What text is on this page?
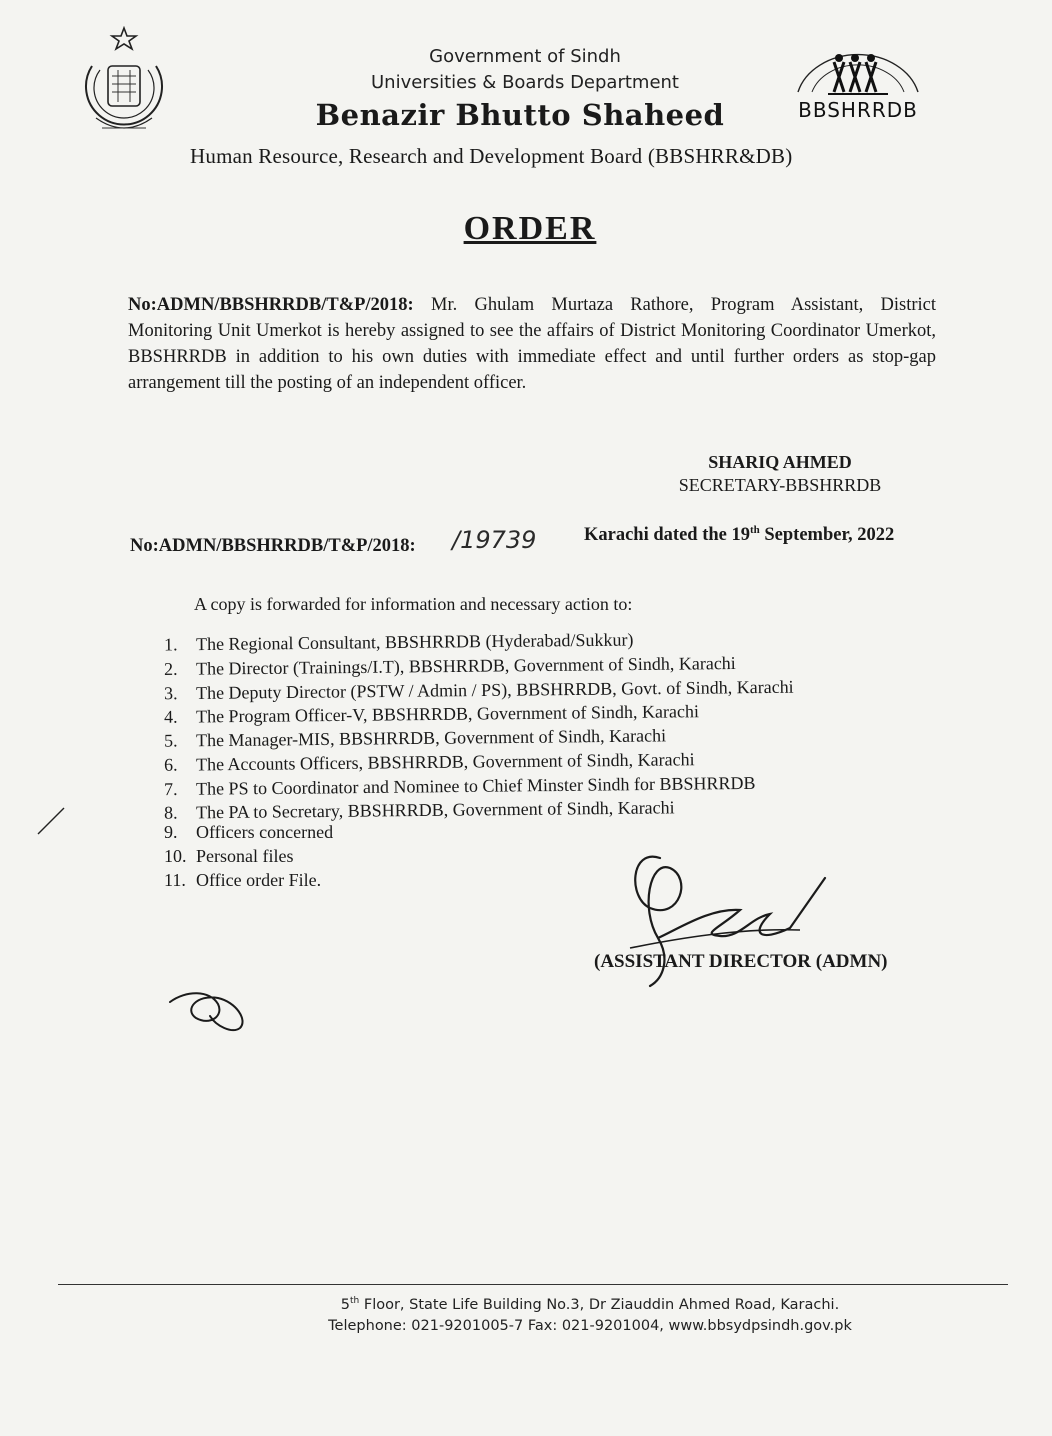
BBSHRRDB
Government of Sindh
Universities & Boards Department
Benazir Bhutto Shaheed
Human Resource, Research and Development Board (BBSHRR&DB)
ORDER
No:ADMN/BBSHRRDB/T&P/2018: Mr. Ghulam Murtaza Rathore, Program Assistant, District Monitoring Unit Umerkot is hereby assigned to see the affairs of District Monitoring Coordinator Umerkot, BBSHRRDB in addition to his own duties with immediate effect and until further orders as stop-gap arrangement till the posting of an independent officer.
SHARIQ AHMED
SECRETARY-BBSHRRDB
No:ADMN/BBSHRRDB/T&P/2018: /19739	Karachi dated the 19th September, 2022
A copy is forwarded for information and necessary action to:
1. The Regional Consultant, BBSHRRDB (Hyderabad/Sukkur)
2. The Director (Trainings/I.T), BBSHRRDB, Government of Sindh, Karachi
3. The Deputy Director (PSTW / Admin / PS), BBSHRRDB, Govt. of Sindh, Karachi
4. The Program Officer-V, BBSHRRDB, Government of Sindh, Karachi
5. The Manager-MIS, BBSHRRDB, Government of Sindh, Karachi
6. The Accounts Officers, BBSHRRDB, Government of Sindh, Karachi
7. The PS to Coordinator and Nominee to Chief Minster Sindh for BBSHRRDB
8. The PA to Secretary, BBSHRRDB, Government of Sindh, Karachi
9. Officers concerned
10. Personal files
11. Office order File.
(ASSISTANT DIRECTOR (ADMN)
5th Floor, State Life Building No.3, Dr Ziauddin Ahmed Road, Karachi.
Telephone: 021-9201005-7 Fax: 021-9201004, www.bbsydpsindh.gov.pk
